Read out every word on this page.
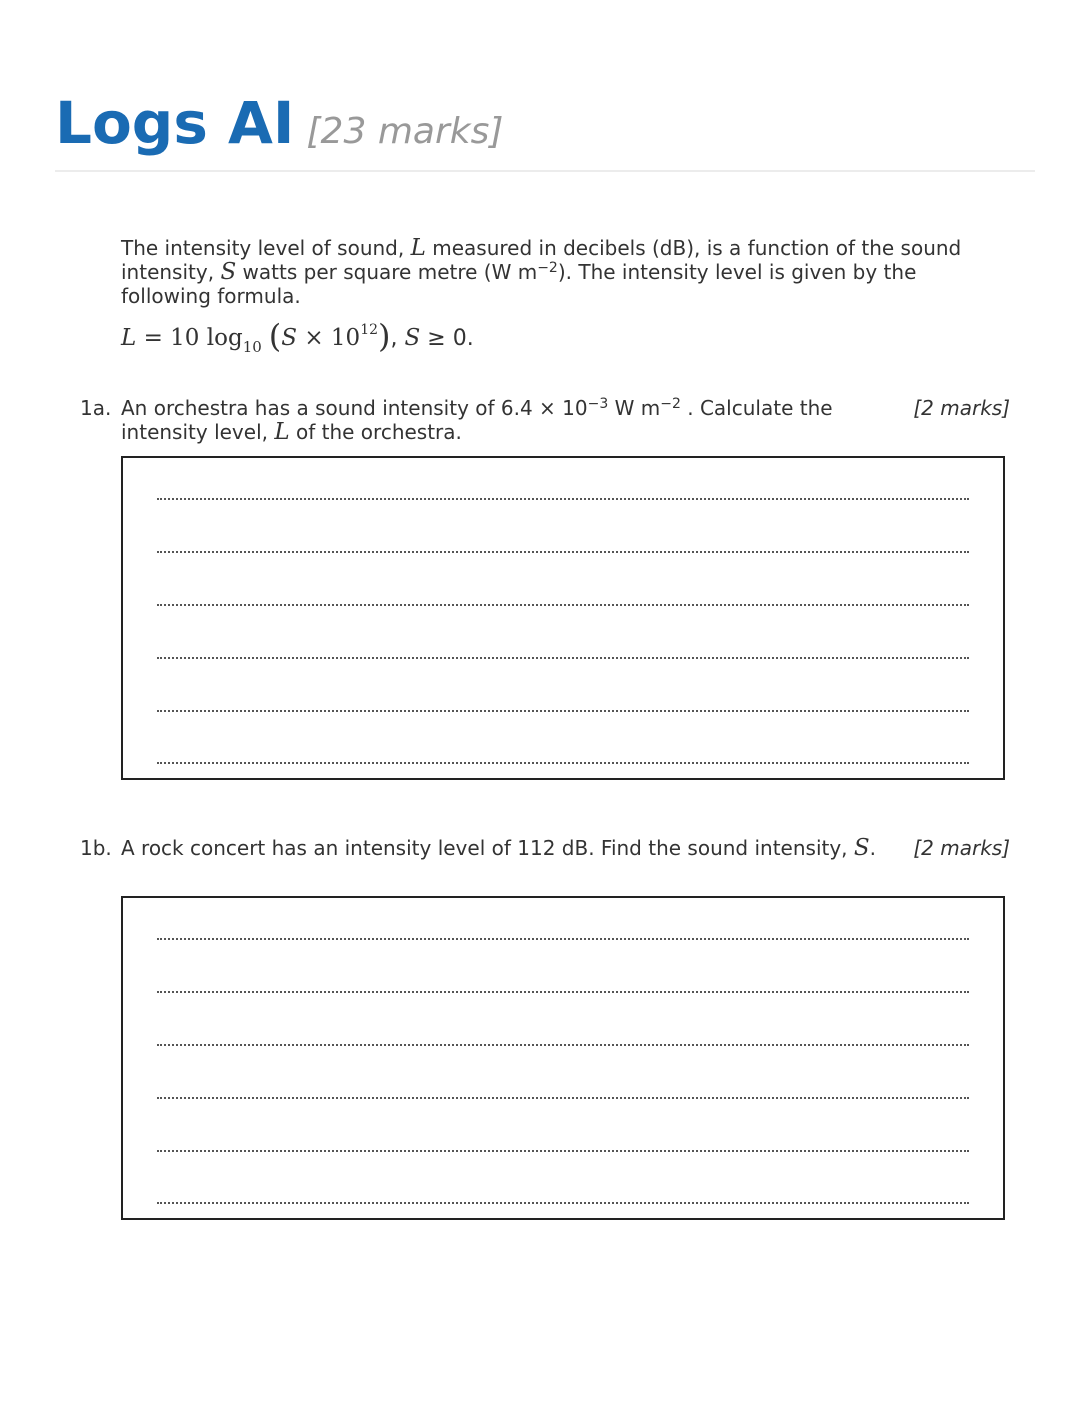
Logs AI [23 marks]
The intensity level of sound, L measured in decibels (dB), is a function of the sound intensity, S watts per square metre (W $m^{-2}$). The intensity level is given by the following formula.
L = 10 $\log_{10} (S \times 10^{12})$, S ≥ 0.
1a. An orchestra has a sound intensity of $6.4 \times 10^{-3}$ W $m^{-2}$ . Calculate the intensity level, L of the orchestra.
[2 marks]
1b. A rock concert has an intensity level of 112 dB. Find the sound intensity, S.	[2 marks]
